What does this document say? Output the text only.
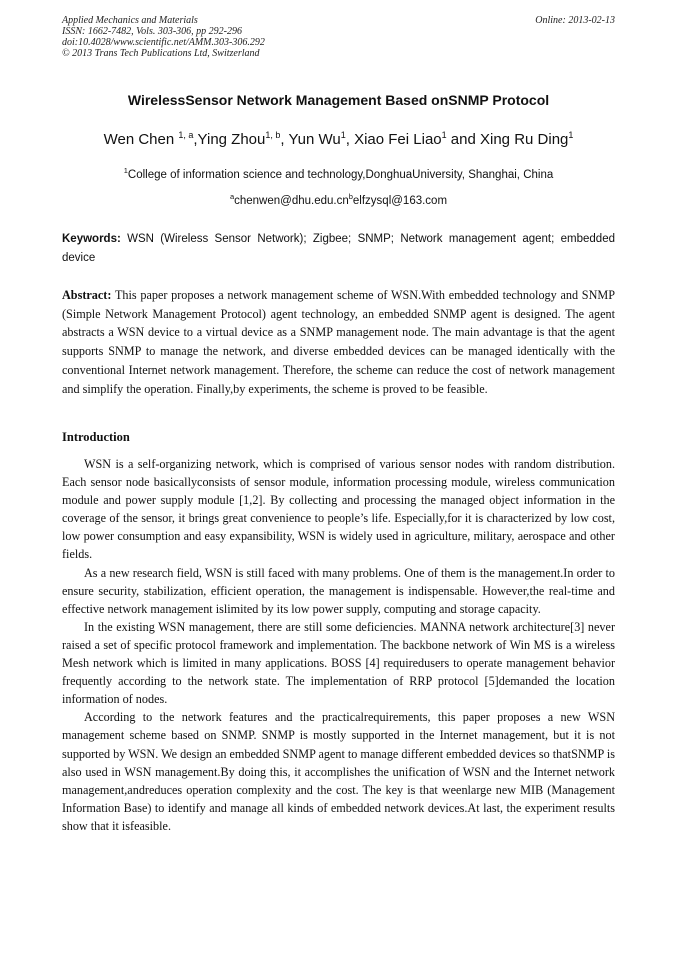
Applied Mechanics and Materials
ISSN: 1662-7482, Vols. 303-306, pp 292-296
doi:10.4028/www.scientific.net/AMM.303-306.292
© 2013 Trans Tech Publications Ltd, Switzerland
Online: 2013-02-13
WirelessSensor Network Management Based onSNMP Protocol
Wen Chen $^{1, a}$,Ying Zhou$^{1, b}$, Yun Wu$^1$, Xiao Fei Liao$^1$ and Xing Ru Ding$^1$
$^1$College of information science and technology,DonghuaUniversity, Shanghai, China
$^achenwen@dhu.edu.cn^belfzysql@163.com$
Keywords: WSN (Wireless Sensor Network); Zigbee; SNMP; Network management agent; embedded device
Abstract: This paper proposes a network management scheme of WSN.With embedded technology and SNMP (Simple Network Management Protocol) agent technology, an embedded SNMP agent is designed. The agent abstracts a WSN device to a virtual device as a SNMP management node. The main advantage is that the agent supports SNMP to manage the network, and diverse embedded devices can be managed identically with the conventional Internet network management. Therefore, the scheme can reduce the cost of network management and simplify the operation. Finally,by experiments, the scheme is proved to be feasible.
Introduction

WSN is a self-organizing network, which is comprised of various sensor nodes with random distribution. Each sensor node basicallyconsists of sensor module, information processing module, wireless communication module and power supply module [1,2]. By collecting and processing the managed object information in the coverage of the sensor, it brings great convenience to people’s life. Especially,for it is characterized by low cost, low power consumption and easy expansibility, WSN is widely used in agriculture, military, aerospace and other fields.

As a new research field, WSN is still faced with many problems. One of them is the management.In order to ensure security, stabilization, efficient operation, the management is indispensable. However,the real-time and effective network management islimited by its low power supply, computing and storage capacity.

In the existing WSN management, there are still some deficiencies. MANNA network architecture[3] never raised a set of specific protocol framework and implementation. The backbone network of Win MS is a wireless Mesh network which is limited in many applications. BOSS [4] requiredusers to operate management behavior frequently according to the network state. The implementation of RRP protocol [5]demanded the location information of nodes.

According to the network features and the practicalrequirements, this paper proposes a new WSN management scheme based on SNMP. SNMP is mostly supported in the Internet management, but it is not supported by WSN. We design an embedded SNMP agent to manage different embedded devices so thatSNMP is also used in WSN management.By doing this, it accomplishes the unification of WSN and the Internet network management,andreduces operation complexity and the cost. The key is that weenlarge new MIB (Management Information Base) to identify and manage all kinds of embedded network devices.At last, the experiment results show that it isfeasible.
